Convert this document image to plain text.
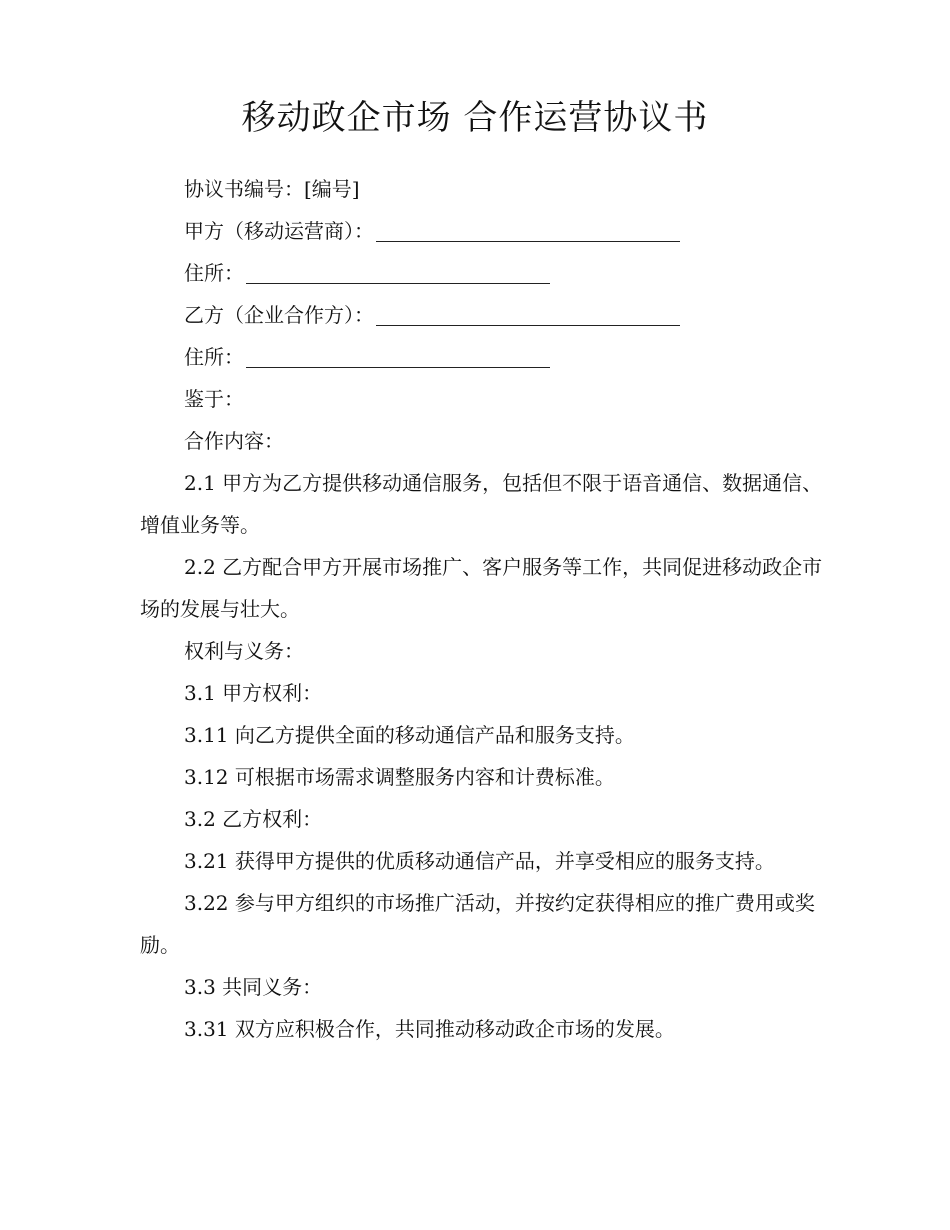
移动政企市场 合作运营协议书

协议书编号：[编号]

甲方（移动运营商）：

住所：

乙方（企业合作方）：

住所：

鉴于：

合作内容：

2.1 甲方为乙方提供移动通信服务，包括但不限于语音通信、数据通信、增值业务等。

2.2 乙方配合甲方开展市场推广、客户服务等工作，共同促进移动政企市场的发展与壮大。

权利与义务：

3.1 甲方权利：

3.11 向乙方提供全面的移动通信产品和服务支持。

3.12 可根据市场需求调整服务内容和计费标准。

3.2 乙方权利：

3.21 获得甲方提供的优质移动通信产品，并享受相应的服务支持。

3.22 参与甲方组织的市场推广活动，并按约定获得相应的推广费用或奖励。

3.3 共同义务：

3.31 双方应积极合作，共同推动移动政企市场的发展。
